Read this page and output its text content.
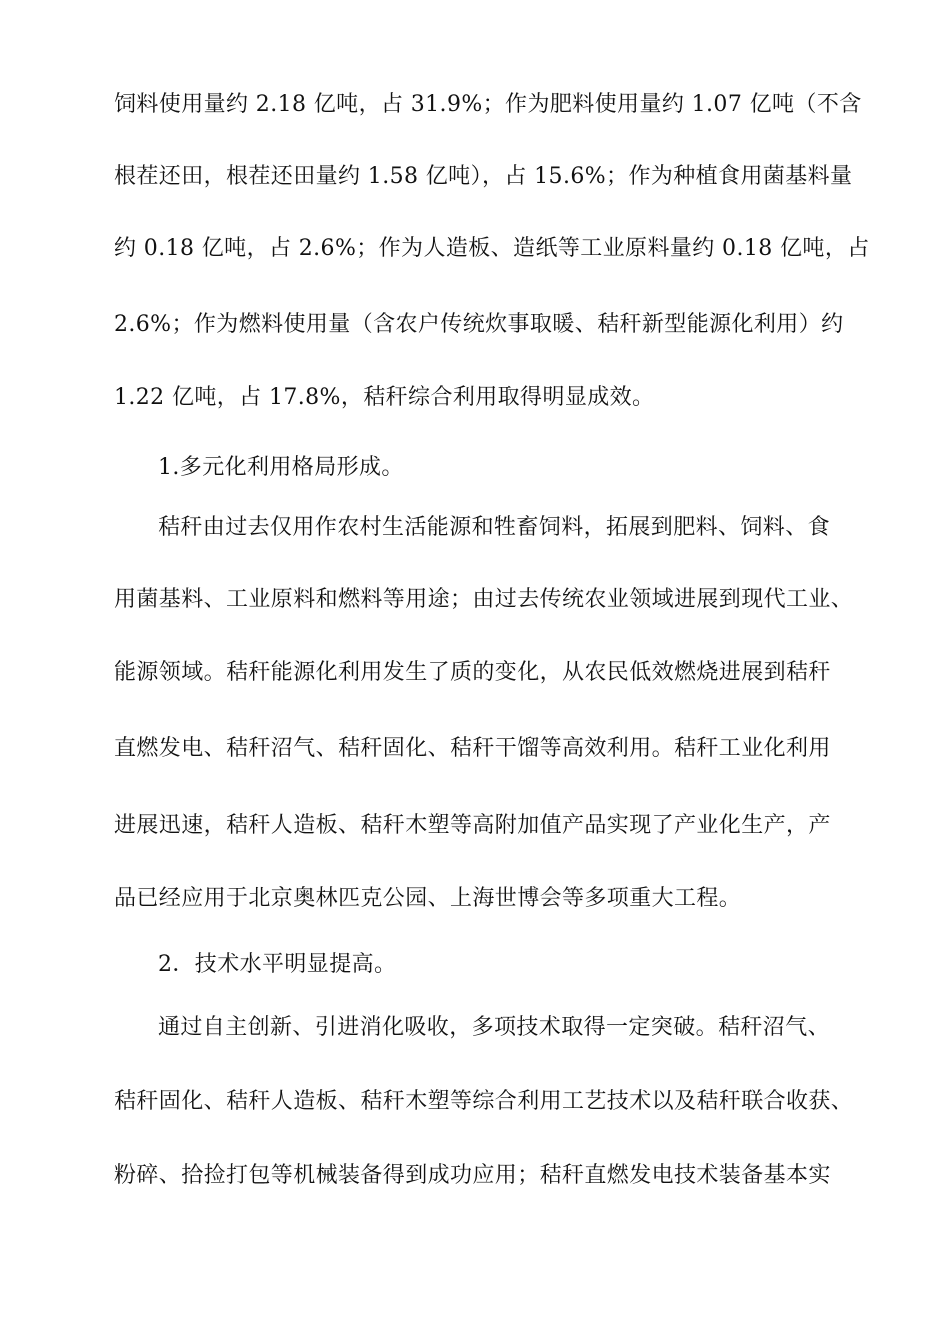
饲料使用量约 2.18 亿吨，占 31.9%；作为肥料使用量约 1.07 亿吨（不含
根茬还田，根茬还田量约 1.58 亿吨），占 15.6%；作为种植食用菌基料量
约 0.18 亿吨，占 2.6%；作为人造板、造纸等工业原料量约 0.18 亿吨，占
2.6%；作为燃料使用量（含农户传统炊事取暖、秸秆新型能源化利用）约
1.22 亿吨，占 17.8%，秸秆综合利用取得明显成效。
1.多元化利用格局形成。
秸秆由过去仅用作农村生活能源和牲畜饲料，拓展到肥料、饲料、食
用菌基料、工业原料和燃料等用途；由过去传统农业领域进展到现代工业、
能源领域。秸秆能源化利用发生了质的变化，从农民低效燃烧进展到秸秆
直燃发电、秸秆沼气、秸秆固化、秸秆干馏等高效利用。秸秆工业化利用
进展迅速，秸秆人造板、秸秆木塑等高附加值产品实现了产业化生产，产
品已经应用于北京奥林匹克公园、上海世博会等多项重大工程。
2．技术水平明显提高。
通过自主创新、引进消化吸收，多项技术取得一定突破。秸秆沼气、
秸秆固化、秸秆人造板、秸秆木塑等综合利用工艺技术以及秸秆联合收获、
粉碎、拾捡打包等机械装备得到成功应用；秸秆直燃发电技术装备基本实
